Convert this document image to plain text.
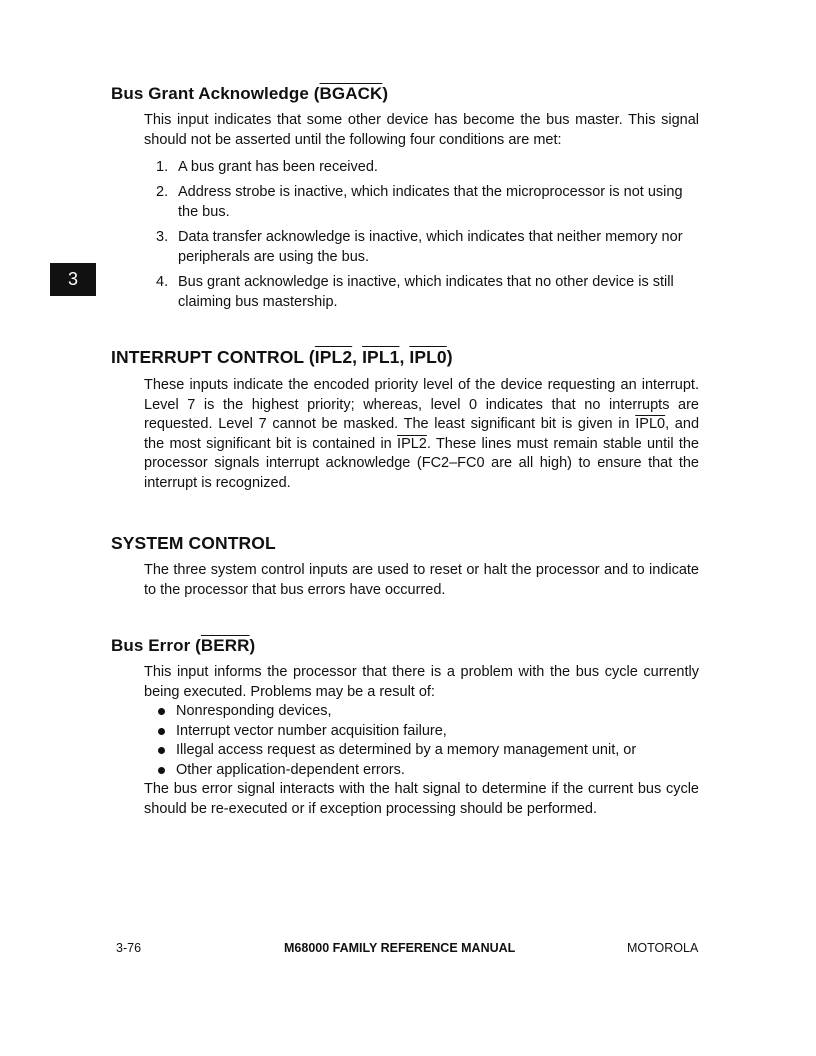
3
Bus Grant Acknowledge (BGACK)

This input indicates that some other device has become the bus master. This signal should not be asserted until the following four conditions are met:

1. A bus grant has been received.
2. Address strobe is inactive, which indicates that the microprocessor is not using the bus.
3. Data transfer acknowledge is inactive, which indicates that neither memory nor peripherals are using the bus.
4. Bus grant acknowledge is inactive, which indicates that no other device is still claiming bus mastership.
INTERRUPT CONTROL (IPL2, IPL1, IPL0)

These inputs indicate the encoded priority level of the device requesting an interrupt. Level 7 is the highest priority; whereas, level 0 indicates that no interrupts are requested. Level 7 cannot be masked. The least significant bit is given in IPL0, and the most significant bit is contained in IPL2. These lines must remain stable until the processor signals interrupt acknowledge (FC2–FC0 are all high) to ensure that the interrupt is recognized.

SYSTEM CONTROL

The three system control inputs are used to reset or halt the processor and to indicate to the processor that bus errors have occurred.

Bus Error (BERR)

This input informs the processor that there is a problem with the bus cycle currently being executed. Problems may be a result of:

Nonresponding devices,
Interrupt vector number acquisition failure,
Illegal access request as determined by a memory management unit, or
Other application-dependent errors.

The bus error signal interacts with the halt signal to determine if the current bus cycle should be re-executed or if exception processing should be performed.

3-76	M68000 FAMILY REFERENCE MANUAL	MOTOROLA
